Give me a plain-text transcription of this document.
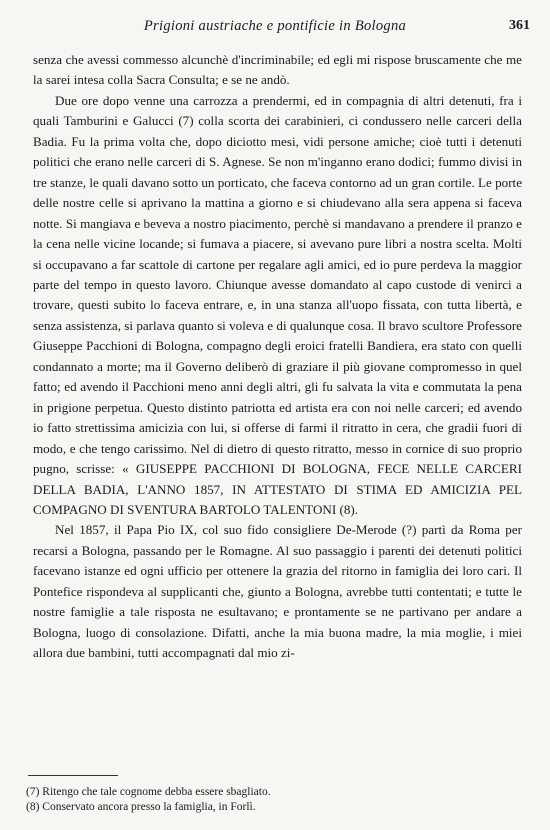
Prigioni austriache e pontificie in Bologna	361

senza che avessi commesso alcunchè d'incriminabile; ed egli mi rispose bruscamente che me la sarei intesa colla Sacra Consulta; e se ne andò.

Due ore dopo venne una carrozza a prendermi, ed in compagnia di altri detenuti, fra i quali Tamburini e Galucci (7) colla scorta dei carabinieri, ci condussero nelle carceri della Badia. Fu la prima volta che, dopo diciotto mesi, vidi persone amiche; cioè tutti i detenuti politici che erano nelle carceri di S. Agnese. Se non m'inganno erano dodici; fummo divisi in tre stanze, le quali davano sotto un porticato, che faceva contorno ad un gran cortile. Le porte delle nostre celle si aprivano la mattina a giorno e si chiudevano alla sera appena si faceva notte. Si mangiava e beveva a nostro piacimento, perchè si mandavano a prendere il pranzo e la cena nelle vicine locande; si fumava a piacere, si avevano pure libri a nostra scelta. Molti si occupavano a far scattole di cartone per regalare agli amici, ed io pure perdeva la maggior parte del tempo in questo lavoro. Chiunque avesse domandato al capo custode di venirci a trovare, questi subito lo faceva entrare, e, in una stanza all'uopo fissata, con tutta libertà, e senza assistenza, si parlava quanto si voleva e di qualunque cosa. Il bravo scultore Professore Giuseppe Pacchioni di Bologna, compagno degli eroici fratelli Bandiera, era stato con quelli condannato a morte; ma il Governo deliberò di graziare il più giovane compromesso in quel fatto; ed avendo il Pacchioni meno anni degli altri, gli fu salvata la vita e commutata la pena in prigione perpetua. Questo distinto patriotta ed artista era con noi nelle carceri; ed avendo io fatto strettissima amicizia con lui, si offerse di farmi il ritratto in cera, che gradii fuori di modo, e che tengo carissimo. Nel di dietro di questo ritratto, messo in cornice di suo proprio pugno, scrisse: « GIUSEPPE PACCHIONI DI BOLOGNA, FECE NELLE CARCERI DELLA BADIA, L'ANNO 1857, IN ATTESTATO DI STIMA ED AMICIZIA PEL COMPAGNO DI SVENTURA BARTOLO TALENTONI (8).

Nel 1857, il Papa Pio IX, col suo fido consigliere De-Merode (?) partì da Roma per recarsi a Bologna, passando per le Romagne. Al suo passaggio i parenti dei detenuti politici facevano istanze ed ogni ufficio per ottenere la grazia del ritorno in famiglia dei loro cari. Il Pontefice rispondeva al supplicanti che, giunto a Bologna, avrebbe tutti contentati; e tutte le nostre famiglie a tale risposta ne esultavano; e prontamente se ne partivano per andare a Bologna, luogo di consolazione. Difatti, anche la mia buona madre, la mia moglie, i miei allora due bambini, tutti accompagnati dal mio zi-

(7) Ritengo che tale cognome debba essere sbagliato.
(8) Conservato ancora presso la famiglia, in Forlì.
